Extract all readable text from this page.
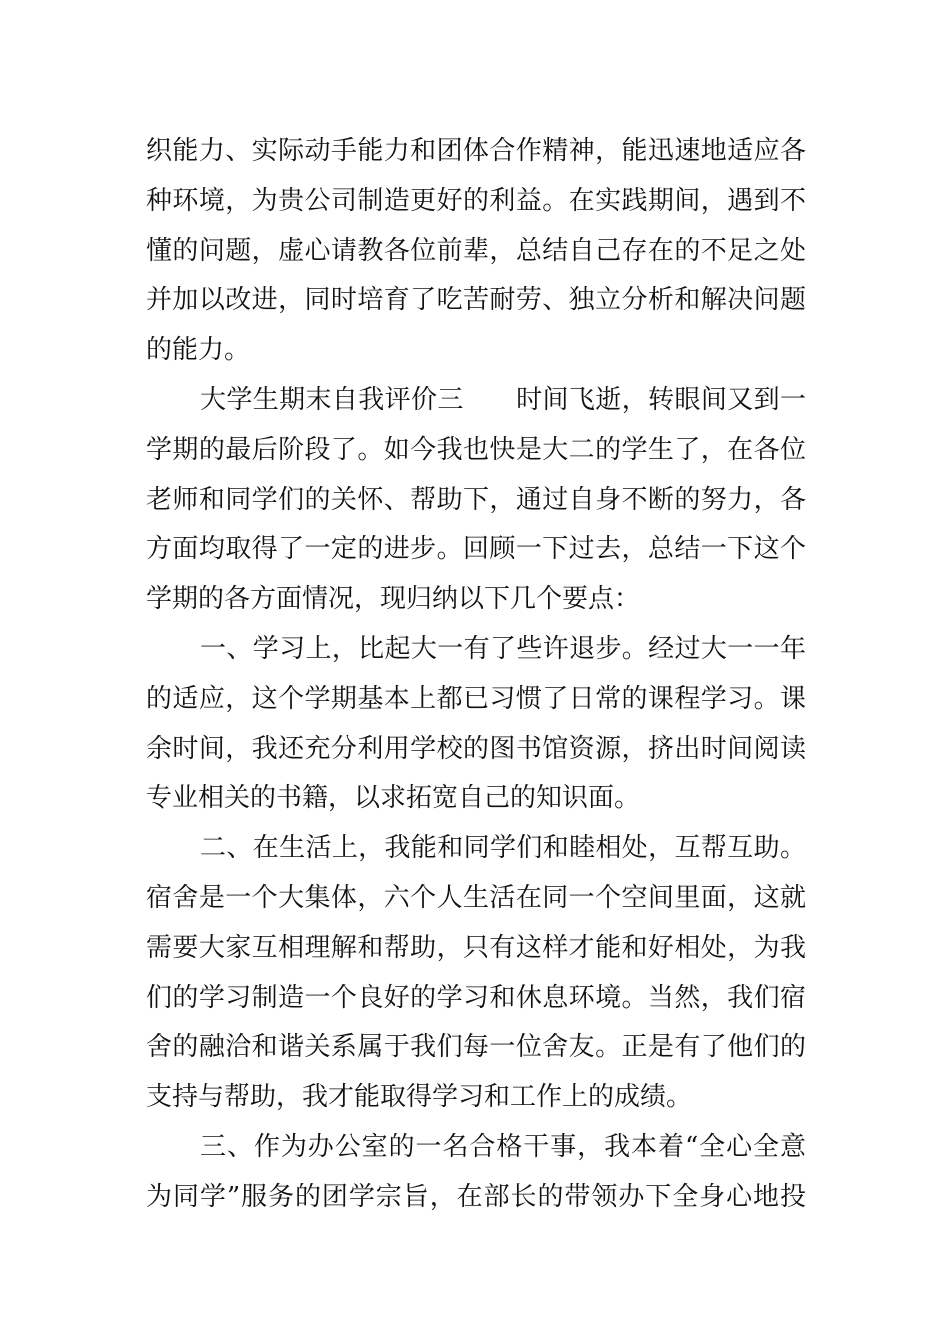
织能力、实际动手能力和团体合作精神，能迅速地适应各
种环境，为贵公司制造更好的利益。在实践期间，遇到不
懂的问题，虚心请教各位前辈，总结自己存在的不足之处
并加以改进，同时培育了吃苦耐劳、独立分析和解决问题
的能力。
大学生期末自我评价三 时间飞逝，转眼间又到一
学期的最后阶段了。如今我也快是大二的学生了，在各位
老师和同学们的关怀、帮助下，通过自身不断的努力，各
方面均取得了一定的进步。回顾一下过去，总结一下这个
学期的各方面情况，现归纳以下几个要点：
一、学习上，比起大一有了些许退步。经过大一一年
的适应，这个学期基本上都已习惯了日常的课程学习。课
余时间，我还充分利用学校的图书馆资源，挤出时间阅读
专业相关的书籍，以求拓宽自己的知识面。
二、在生活上，我能和同学们和睦相处，互帮互助。
宿舍是一个大集体，六个人生活在同一个空间里面，这就
需要大家互相理解和帮助，只有这样才能和好相处，为我
们的学习制造一个良好的学习和休息环境。当然，我们宿
舍的融洽和谐关系属于我们每一位舍友。正是有了他们的
支持与帮助，我才能取得学习和工作上的成绩。
三、作为办公室的一名合格干事，我本着“全心全意
为同学”服务的团学宗旨，在部长的带领办下全身心地投
